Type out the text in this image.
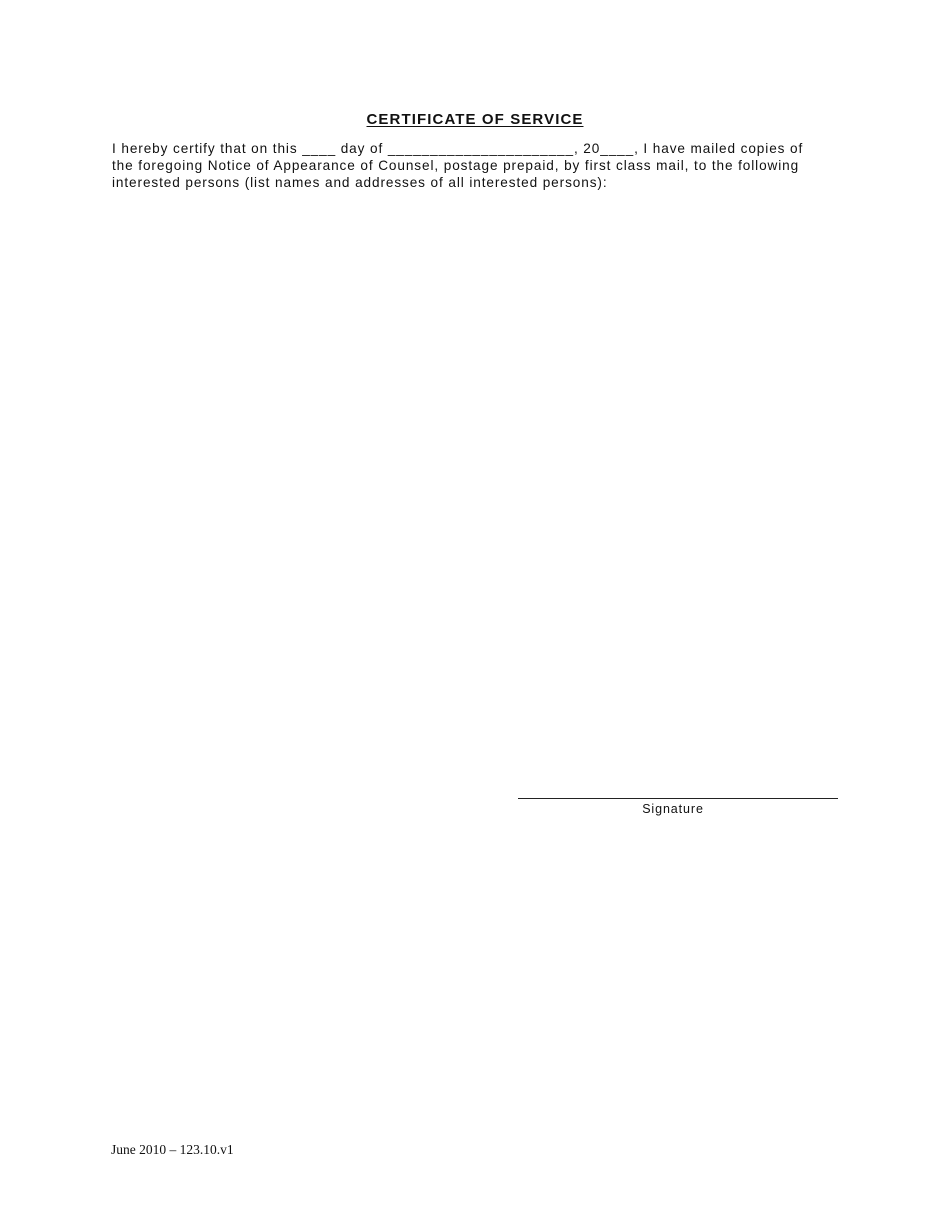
CERTIFICATE OF SERVICE
I hereby certify that on this ____ day of ______________________, 20____, I have mailed copies of
the foregoing Notice of Appearance of Counsel, postage prepaid, by first class mail, to the following
interested persons (list names and addresses of all interested persons):
Signature
June 2010 – 123.10.v1
